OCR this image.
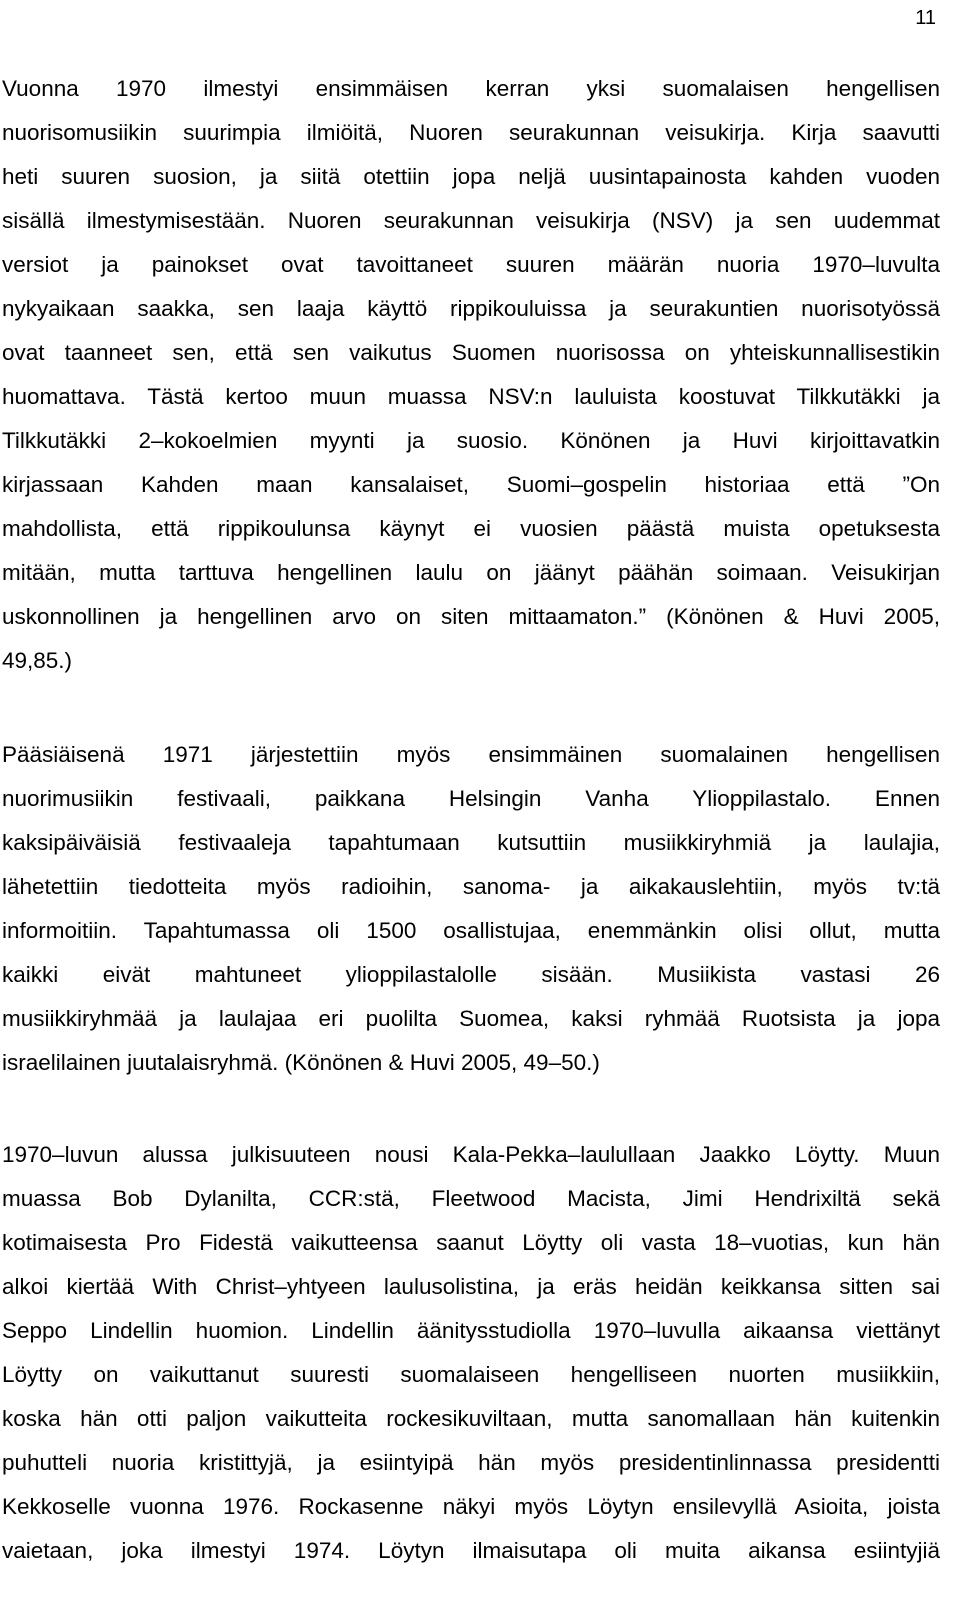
11
Vuonna 1970 ilmestyi ensimmäisen kerran yksi suomalaisen hengellisen
nuorisomusiikin suurimpia ilmiöitä, Nuoren seurakunnan veisukirja. Kirja saavutti
heti suuren suosion, ja siitä otettiin jopa neljä uusintapainosta kahden vuoden
sisällä ilmestymisestään. Nuoren seurakunnan veisukirja (NSV) ja sen uudemmat
versiot ja painokset ovat tavoittaneet suuren määrän nuoria 1970–luvulta
nykyaikaan saakka, sen laaja käyttö rippikouluissa ja seurakuntien nuorisotyössä
ovat taanneet sen, että sen vaikutus Suomen nuorisossa on yhteiskunnallisestikin
huomattava. Tästä kertoo muun muassa NSV:n lauluista koostuvat Tilkkutäkki ja
Tilkkutäkki 2–kokoelmien myynti ja suosio. Könönen ja Huvi kirjoittavatkin
kirjassaan Kahden maan kansalaiset, Suomi–gospelin historiaa että ”On
mahdollista, että rippikoulunsa käynyt ei vuosien päästä muista opetuksesta
mitään, mutta tarttuva hengellinen laulu on jäänyt päähän soimaan. Veisukirjan
uskonnollinen ja hengellinen arvo on siten mittaamaton.” (Könönen & Huvi 2005,
49,85.)
Pääsiäisenä 1971 järjestettiin myös ensimmäinen suomalainen hengellisen
nuorimusiikin festivaali, paikkana Helsingin Vanha Ylioppilastalo. Ennen
kaksipäiväisiä festivaaleja tapahtumaan kutsuttiin musiikkiryhmiä ja laulajia,
lähetettiin tiedotteita myös radioihin, sanoma- ja aikakauslehtiin, myös tv:tä
informoitiin. Tapahtumassa oli 1500 osallistujaa, enemmänkin olisi ollut, mutta
kaikki eivät mahtuneet ylioppilastalolle sisään. Musiikista vastasi 26
musiikkiryhmää ja laulajaa eri puolilta Suomea, kaksi ryhmää Ruotsista ja jopa
israelilainen juutalaisryhmä. (Könönen & Huvi 2005, 49–50.)
1970–luvun alussa julkisuuteen nousi Kala-Pekka–laulullaan Jaakko Löytty. Muun
muassa Bob Dylanilta, CCR:stä, Fleetwood Macista, Jimi Hendrixiltä sekä
kotimaisesta Pro Fidestä vaikutteensa saanut Löytty oli vasta 18–vuotias, kun hän
alkoi kiertää With Christ–yhtyeen laulusolistina, ja eräs heidän keikkansa sitten sai
Seppo Lindellin huomion. Lindellin äänitysstudiolla 1970–luvulla aikaansa viettänyt
Löytty on vaikuttanut suuresti suomalaiseen hengelliseen nuorten musiikkiin,
koska hän otti paljon vaikutteita rockesikuviltaan, mutta sanomallaan hän kuitenkin
puhutteli nuoria kristittyjä, ja esiintyipä hän myös presidentinlinnassa presidentti
Kekkoselle vuonna 1976. Rockasenne näkyi myös Löytyn ensilevyllä Asioita, joista
vaietaan, joka ilmestyi 1974. Löytyn ilmaisutapa oli muita aikansa esiintyjiä
